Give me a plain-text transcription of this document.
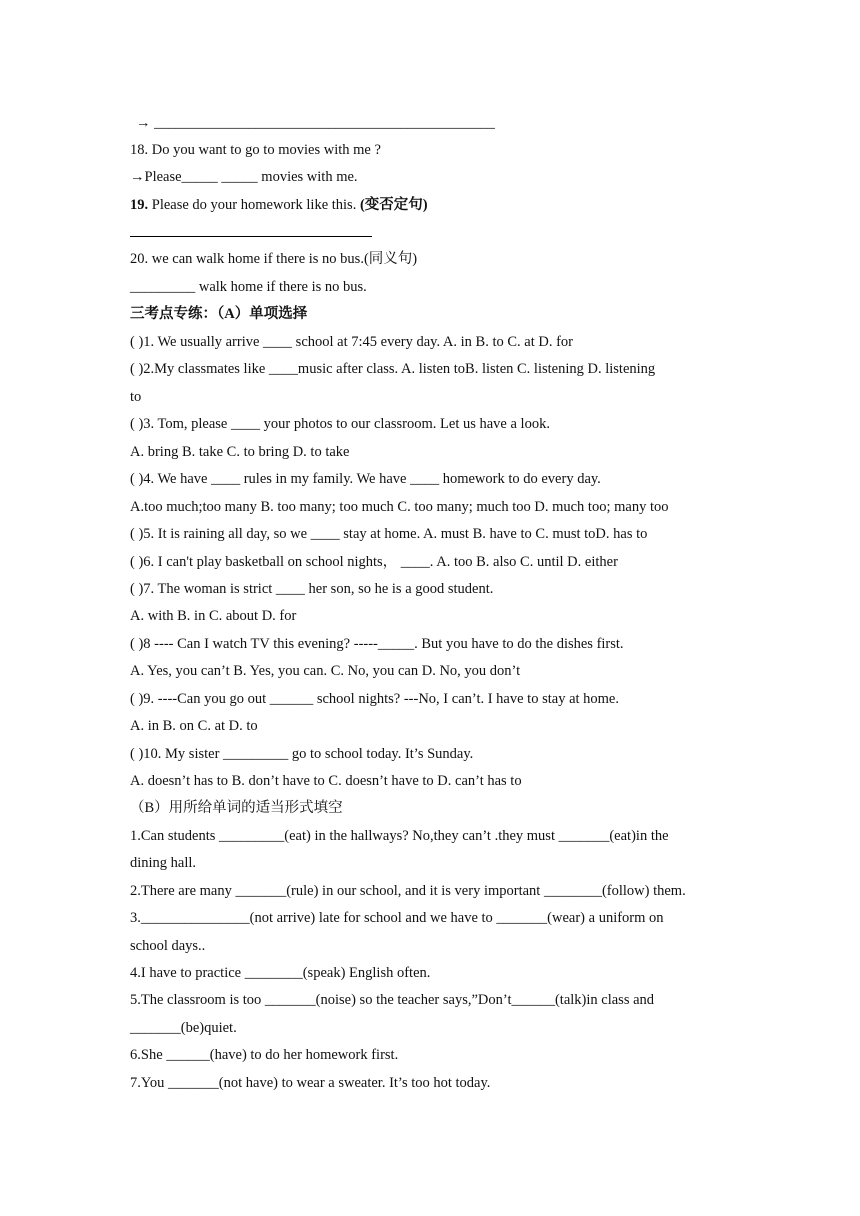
→ _______________________________________________
18. Do you want to go to movies with me ?
→Please_____ _____ movies with me.
19. Please do your homework like this. (变否定句)
20. we can walk home if there is no bus.(同义句)
_________ walk home if there is no bus.
三考点专练：（A）单项选择
( )1. We usually arrive ____ school at 7:45 every day. A. in B. to C. at D. for
( )2.My classmates like ____music after class. A. listen toB. listen C. listening D. listening
to
( )3. Tom, please ____ your photos to our classroom. Let us have a look.
A. bring B. take C. to bring D. to take
( )4. We have ____ rules in my family. We have ____ homework to do every day.
A.too much;too many B. too many; too much C. too many; much too D. much too; many too
( )5. It is raining all day, so we ____ stay at home. A. must B. have to C. must toD. has to
( )6. I can't play basketball on school nights， ____. A. too B. also C. until D. either
( )7. The woman is strict ____ her son, so he is a good student.
A. with B. in C. about D. for
( )8 ---- Can I watch TV this evening? -----_____. But you have to do the dishes first.
A. Yes, you can’t B. Yes, you can. C. No, you can D. No, you don’t
( )9. ----Can you go out ______ school nights? ---No, I can’t. I have to stay at home.
A. in B. on C. at D. to
( )10. My sister _________ go to school today. It’s Sunday.
A. doesn’t has to B. don’t have to C. doesn’t have to D. can’t has to
（B）用所给单词的适当形式填空
1.Can students _________(eat) in the hallways? No,they can’t .they must _______(eat)in the
dining hall.
2.There are many _______(rule) in our school, and it is very important ________(follow) them.
3._______________(not arrive) late for school and we have to _______(wear) a uniform on
school days..
4.I have to practice ________(speak) English often.
5.The classroom is too _______(noise) so the teacher says,”Don’t______(talk)in class and
_______(be)quiet.
6.She ______(have) to do her homework first.
7.You _______(not have) to wear a sweater. It’s too hot today.
